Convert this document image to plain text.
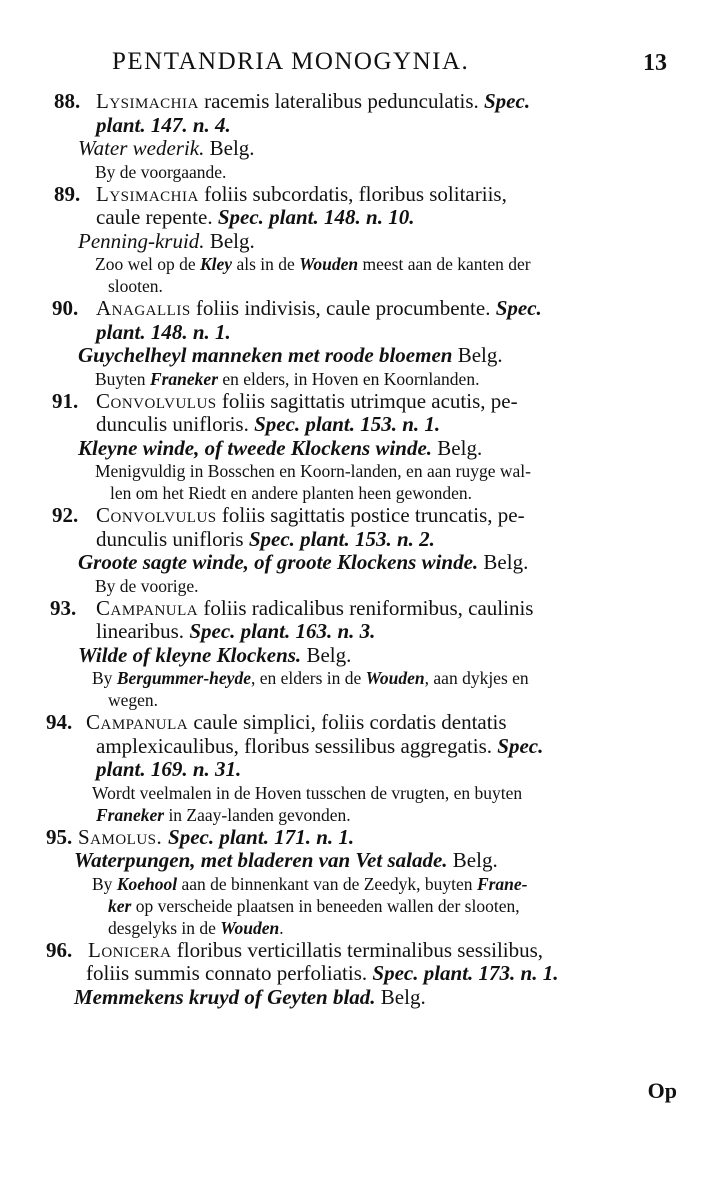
PENTANDRIA MONOGYNIA.	13
88. Lysimachia racemis lateralibus pedunculatis. Spec.
plant. 147. n. 4.
Water wederik. Belg.
By de voorgaande.
89. Lysimachia foliis subcordatis, floribus solitariis,
caule repente. Spec. plant. 148. n. 10.
Penning-kruid. Belg.
Zoo wel op de Kley als in de Wouden meest aan de kanten der
slooten.
90. Anagallis foliis indivisis, caule procumbente. Spec.
plant. 148. n. 1.
Guychelheyl manneken met roode bloemen Belg.
Buyten Franeker en elders, in Hoven en Koornlanden.
91. Convolvulus foliis sagittatis utrimque acutis, pe-
dunculis unifloris. Spec. plant. 153. n. 1.
Kleyne winde, of tweede Klockens winde. Belg.
Menigvuldig in Bosschen en Koorn-landen, en aan ruyge wal-
len om het Riedt en andere planten heen gewonden.
92. Convolvulus foliis sagittatis postice truncatis, pe-
dunculis unifloris Spec. plant. 153. n. 2.
Groote sagte winde, of groote Klockens winde. Belg.
By de voorige.
93. Campanula foliis radicalibus reniformibus, caulinis
linearibus. Spec. plant. 163. n. 3.
Wilde of kleyne Klockens. Belg.
By Bergummer-heyde, en elders in de Wouden, aan dykjes en
wegen.
94. Campanula caule simplici, foliis cordatis dentatis
amplexicaulibus, floribus sessilibus aggregatis. Spec.
plant. 169. n. 31.
Wordt veelmalen in de Hoven tusschen de vrugten, en buyten
Franeker in Zaay-landen gevonden.
95. Samolus. Spec. plant. 171. n. 1.
Waterpungen, met bladeren van Vet salade. Belg.
By Koehool aan de binnenkant van de Zeedyk, buyten Frane-
ker op verscheide plaatsen in beneeden wallen der slooten,
desgelyks in de Wouden.
96. Lonicera floribus verticillatis terminalibus sessilibus,
foliis summis connato perfoliatis. Spec. plant. 173. n. 1.
Memmekens kruyd of Geyten blad. Belg.
Op
